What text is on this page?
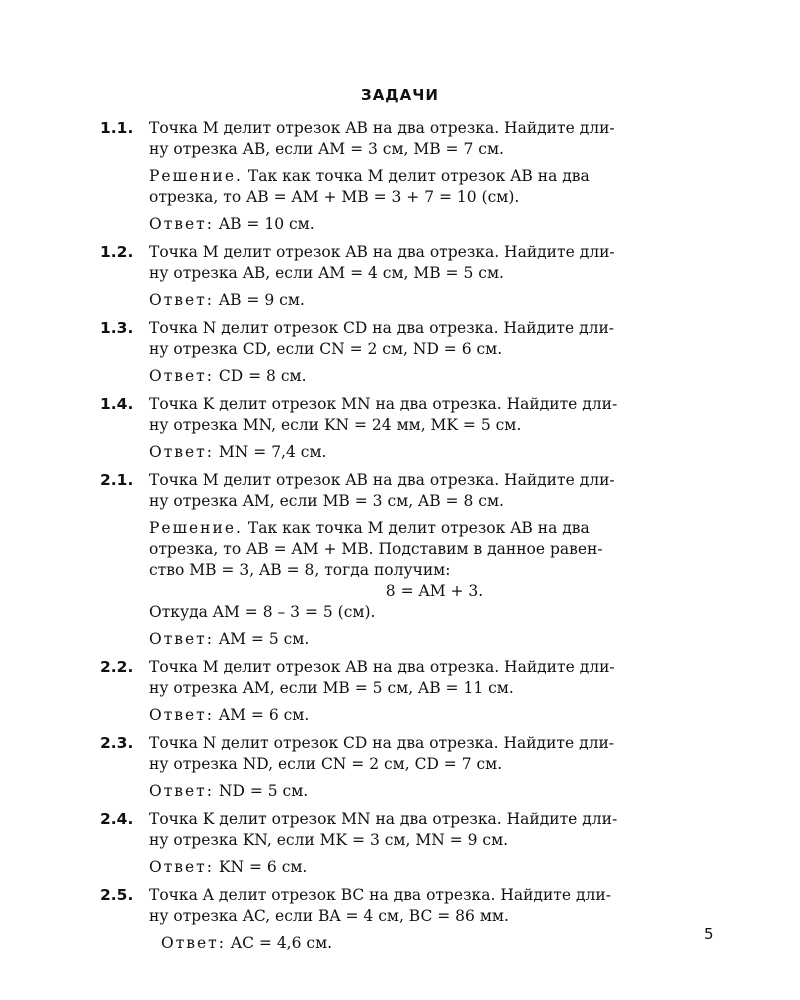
ЗАДАЧИ
1.1. Точка M делит отрезок AB на два отрезка. Найдите дли-

ну отрезка AB, если AM = 3 см, MB = 7 см.

Решение. Так как точка M делит отрезок AB на два

отрезка, то AB = AM + MB = 3 + 7 = 10 (см).

Ответ: AB = 10 см.

1.2. Точка M делит отрезок AB на два отрезка. Найдите дли-

ну отрезка AB, если AM = 4 см, MB = 5 см.

Ответ: AB = 9 см.

1.3. Точка N делит отрезок CD на два отрезка. Найдите дли-

ну отрезка CD, если CN = 2 см, ND = 6 см.

Ответ: CD = 8 см.

1.4. Точка K делит отрезок MN на два отрезка. Найдите дли-

ну отрезка MN, если KN = 24 мм, MK = 5 см.

Ответ: MN = 7,4 см.

2.1. Точка M делит отрезок AB на два отрезка. Найдите дли-

ну отрезка AM, если MB = 3 см, AB = 8 см.

Решение. Так как точка M делит отрезок AB на два

отрезка, то AB = AM + MB. Подставим в данное равен-

ство MB = 3, AB = 8, тогда получим:

8 = AM + 3.

Откуда AM = 8 – 3 = 5 (см).

Ответ: AM = 5 см.

2.2. Точка M делит отрезок AB на два отрезка. Найдите дли-

ну отрезка AM, если MB = 5 см, AB = 11 см.

Ответ: AM = 6 см.

2.3. Точка N делит отрезок CD на два отрезка. Найдите дли-

ну отрезка ND, если CN = 2 см, CD = 7 см.

Ответ: ND = 5 см.

2.4. Точка K делит отрезок MN на два отрезка. Найдите дли-

ну отрезка KN, если MK = 3 см, MN = 9 см.

Ответ: KN = 6 см.

2.5. Точка A делит отрезок BC на два отрезка. Найдите дли-

ну отрезка AC, если BA = 4 см, BC = 86 мм.

Ответ: AC = 4,6 см.	5
